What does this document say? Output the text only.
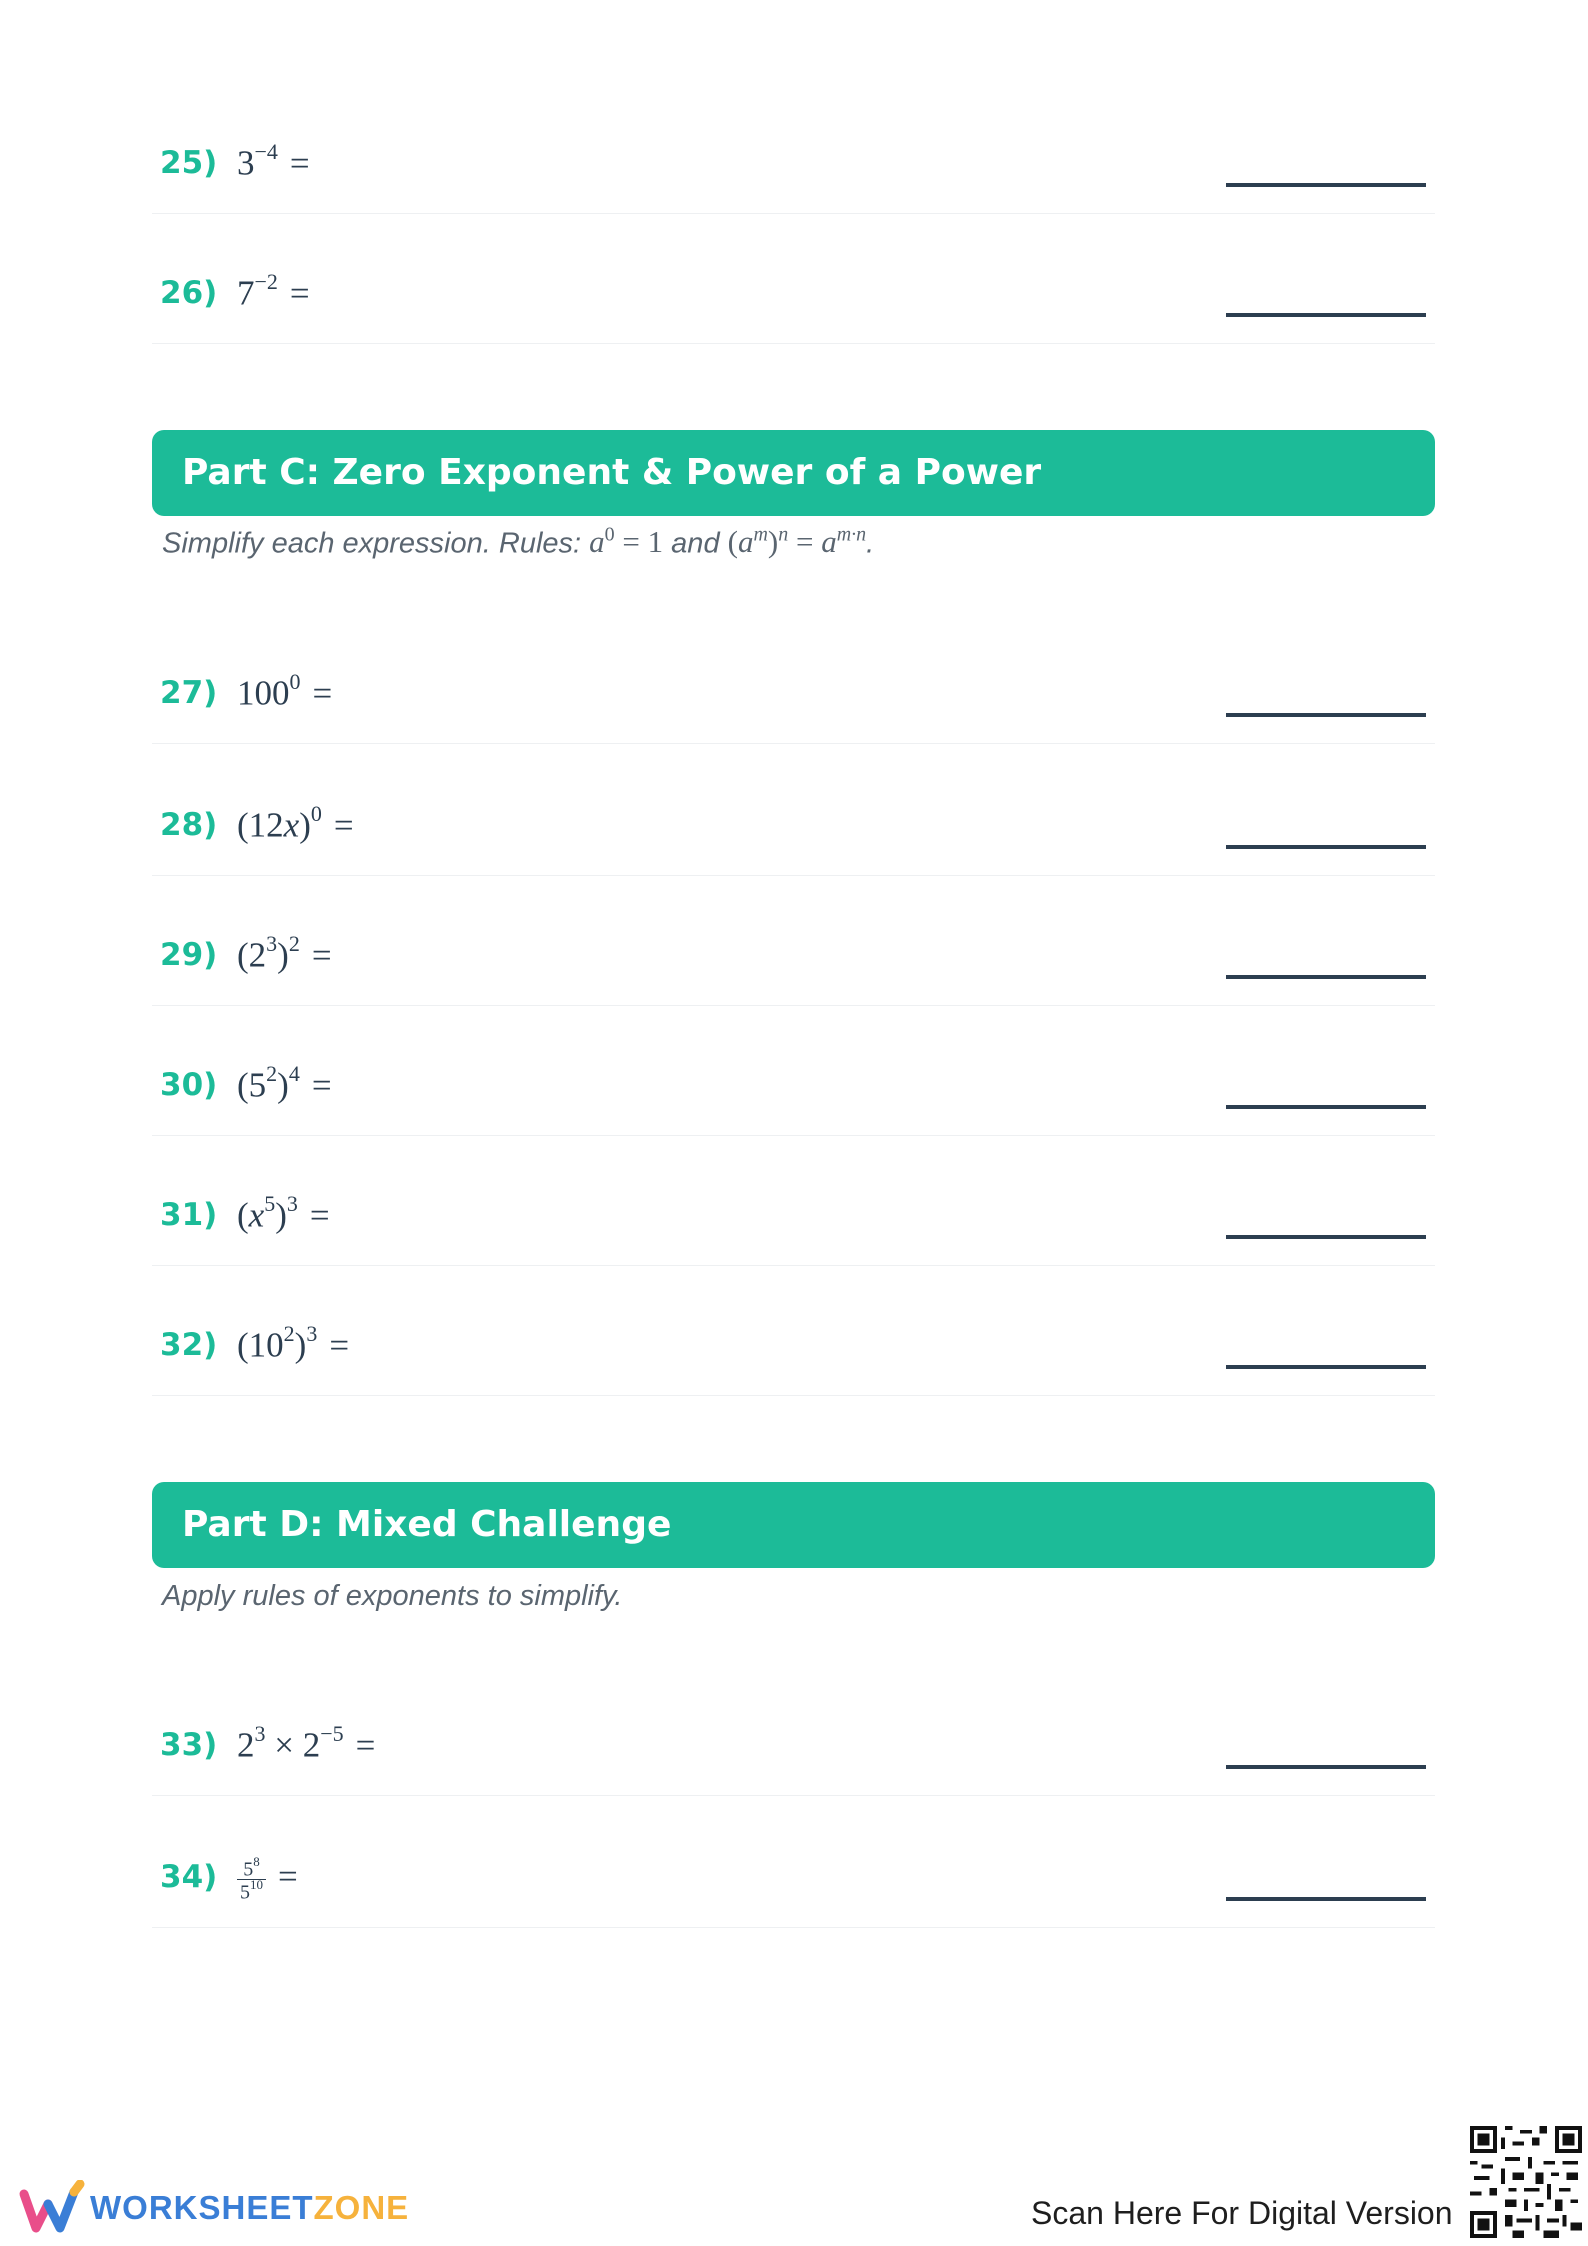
25) $3^{-4}$ =
26) $7^{-2}$ =
Part C: Zero Exponent & Power of a Power
Simplify each expression. Rules: $a^0 = 1$ and $(a^m)^n = a^{m\cdot n}$.
27) $100^0$ =
28) $(12x)^0$ =
29) $(2^3)^2$ =
30) $(5^2)^4$ =
31) $(x^5)^3$ =
32) $(10^2)^3$ =
Part D: Mixed Challenge
Apply rules of exponents to simplify.
33) $2^3 \times 2^{-5}$ =
$34) \frac{5^8}{5^{10}}$ =
WORKSHEETZONE	Scan Here For Digital Version
